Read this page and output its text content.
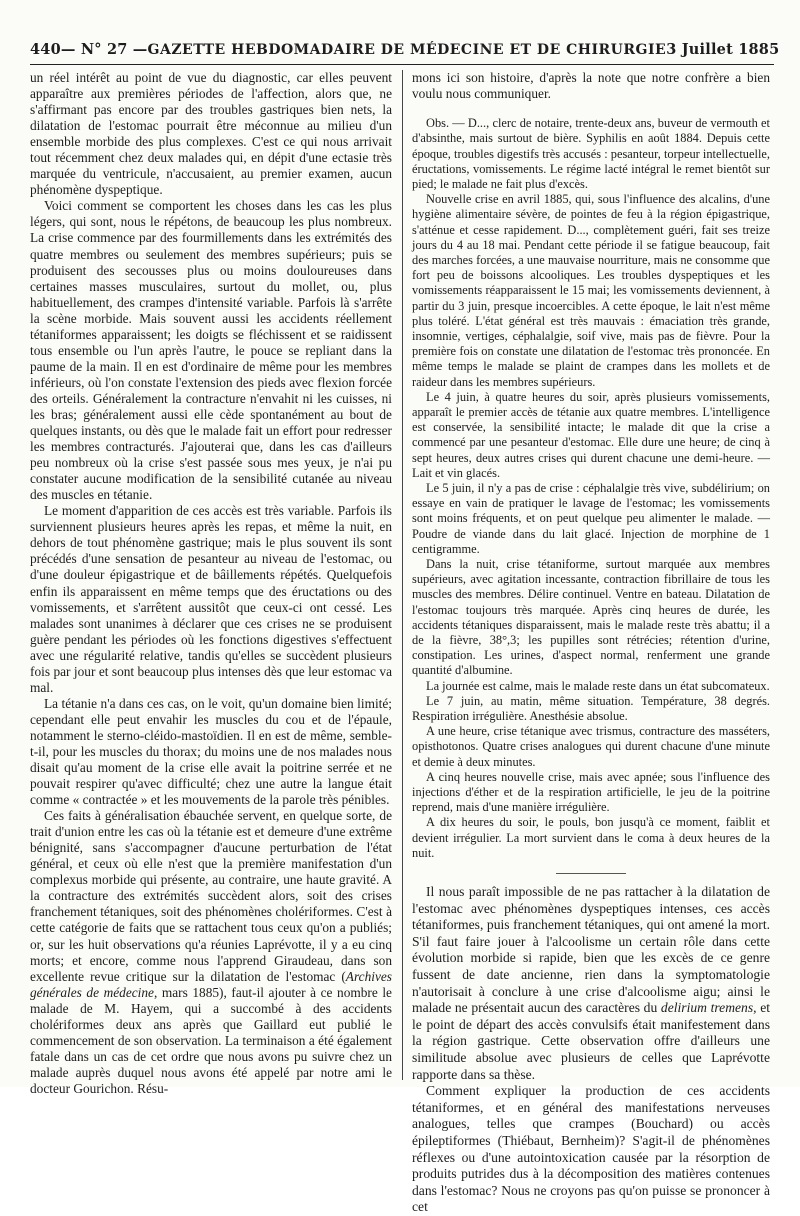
440 — N° 27 — GAZETTE HEBDOMADAIRE DE MÉDECINE ET DE CHIRURGIE 3 Juillet 1885

un réel intérêt au point de vue du diagnostic, car elles peuvent apparaître aux premières périodes de l'affection, alors que, ne s'affirmant pas encore par des troubles gastriques bien nets, la dilatation de l'estomac pourrait être méconnue au milieu d'un ensemble morbide des plus complexes. C'est ce qui nous arrivait tout récemment chez deux malades qui, en dépit d'une ectasie très marquée du ventricule, n'accusaient, au premier examen, aucun phénomène dyspeptique.

Voici comment se comportent les choses dans les cas les plus légers, qui sont, nous le répétons, de beaucoup les plus nombreux. La crise commence par des fourmillements dans les extrémités des quatre membres ou seulement des membres supérieurs; puis se produisent des secousses plus ou moins douloureuses dans certaines masses musculaires, surtout du mollet, ou, plus habituellement, des crampes d'intensité variable. Parfois là s'arrête la scène morbide. Mais souvent aussi les accidents réellement tétaniformes apparaissent; les doigts se fléchissent et se raidissent tous ensemble ou l'un après l'autre, le pouce se repliant dans la paume de la main. Il en est d'ordinaire de même pour les membres inférieurs, où l'on constate l'extension des pieds avec flexion forcée des orteils. Généralement la contracture n'envahit ni les cuisses, ni les bras; généralement aussi elle cède spontanément au bout de quelques instants, ou dès que le malade fait un effort pour redresser les membres contracturés. J'ajouterai que, dans les cas d'ailleurs peu nombreux où la crise s'est passée sous mes yeux, je n'ai pu constater aucune modification de la sensibilité cutanée au niveau des muscles en tétanie.

Le moment d'apparition de ces accès est très variable. Parfois ils surviennent plusieurs heures après les repas, et même la nuit, en dehors de tout phénomène gastrique; mais le plus souvent ils sont précédés d'une sensation de pesanteur au niveau de l'estomac, ou d'une douleur épigastrique et de bâillements répétés. Quelquefois enfin ils apparaissent en même temps que des éructations ou des vomissements, et s'arrêtent aussitôt que ceux-ci ont cessé. Les malades sont unanimes à déclarer que ces crises ne se produisent guère pendant les périodes où les fonctions digestives s'effectuent avec une régularité relative, tandis qu'elles se succèdent plusieurs fois par jour et sont beaucoup plus intenses dès que leur estomac va mal.

La tétanie n'a dans ces cas, on le voit, qu'un domaine bien limité; cependant elle peut envahir les muscles du cou et de l'épaule, notamment le sterno-cléido-mastoïdien. Il en est de même, semble-t-il, pour les muscles du thorax; du moins une de nos malades nous disait qu'au moment de la crise elle avait la poitrine serrée et ne pouvait respirer qu'avec difficulté; chez une autre la langue était comme « contractée » et les mouvements de la parole très pénibles.

Ces faits à généralisation ébauchée servent, en quelque sorte, de trait d'union entre les cas où la tétanie est et demeure d'une extrême bénignité, sans s'accompagner d'aucune perturbation de l'état général, et ceux où elle n'est que la première manifestation d'un complexus morbide qui présente, au contraire, une haute gravité. A la contracture des extrémités succèdent alors, soit des crises franchement tétaniques, soit des phénomènes cholériformes. C'est à cette catégorie de faits que se rattachent tous ceux qu'on a publiés; or, sur les huit observations qu'a réunies Laprévotte, il y a eu cinq morts; et encore, comme nous l'apprend Giraudeau, dans son excellente revue critique sur la dilatation de l'estomac (Archives générales de médecine, mars 1885), faut-il ajouter à ce nombre le malade de M. Hayem, qui a succombé à des accidents cholériformes deux ans après que Gaillard eut publié le commencement de son observation. La terminaison a été également fatale dans un cas de cet ordre que nous avons pu suivre chez un malade auprès duquel nous avons été appelé par notre ami le docteur Gourichon. Résu-

mons ici son histoire, d'après la note que notre confrère a bien voulu nous communiquer.

Obs. — D..., clerc de notaire, trente-deux ans, buveur de vermouth et d'absinthe, mais surtout de bière. Syphilis en août 1884. Depuis cette époque, troubles digestifs très accusés : pesanteur, torpeur intellectuelle, éructations, vomissements. Le régime lacté intégral le remet bientôt sur pied; le malade ne fait plus d'excès.

Nouvelle crise en avril 1885, qui, sous l'influence des alcalins, d'une hygiène alimentaire sévère, de pointes de feu à la région épigastrique, s'atténue et cesse rapidement. D..., complètement guéri, fait ses treize jours du 4 au 18 mai. Pendant cette période il se fatigue beaucoup, fait des marches forcées, a une mauvaise nourriture, mais ne consomme que fort peu de boissons alcooliques. Les troubles dyspeptiques et les vomissements réapparaissent le 15 mai; les vomissements deviennent, à partir du 3 juin, presque incoercibles. A cette époque, le lait n'est même plus toléré. L'état général est très mauvais : émaciation très grande, insomnie, vertiges, céphalalgie, soif vive, mais pas de fièvre. Pour la première fois on constate une dilatation de l'estomac très prononcée. En même temps le malade se plaint de crampes dans les mollets et de raideur dans les membres supérieurs.

Le 4 juin, à quatre heures du soir, après plusieurs vomissements, apparaît le premier accès de tétanie aux quatre membres. L'intelligence est conservée, la sensibilité intacte; le malade dit que la crise a commencé par une pesanteur d'estomac. Elle dure une heure; de cinq à sept heures, deux autres crises qui durent chacune une demi-heure. — Lait et vin glacés.

Le 5 juin, il n'y a pas de crise : céphalalgie très vive, subdélirium; on essaye en vain de pratiquer le lavage de l'estomac; les vomissements sont moins fréquents, et on peut quelque peu alimenter le malade. — Poudre de viande dans du lait glacé. Injection de morphine de 1 centigramme.

Dans la nuit, crise tétaniforme, surtout marquée aux membres supérieurs, avec agitation incessante, contraction fibrillaire de tous les muscles des membres. Délire continuel. Ventre en bateau. Dilatation de l'estomac toujours très marquée. Après cinq heures de durée, les accidents tétaniques disparaissent, mais le malade reste très abattu; il a de la fièvre, 38°,3; les pupilles sont rétrécies; rétention d'urine, constipation. Les urines, d'aspect normal, renferment une grande quantité d'albumine.

La journée est calme, mais le malade reste dans un état subcomateux.

Le 7 juin, au matin, même situation. Température, 38 degrés. Respiration irrégulière. Anesthésie absolue.

A une heure, crise tétanique avec trismus, contracture des masséters, opisthotonos. Quatre crises analogues qui durent chacune d'une minute et demie à deux minutes.

A cinq heures nouvelle crise, mais avec apnée; sous l'influence des injections d'éther et de la respiration artificielle, le jeu de la poitrine reprend, mais d'une manière irrégulière.

A dix heures du soir, le pouls, bon jusqu'à ce moment, faiblit et devient irrégulier. La mort survient dans le coma à deux heures de la nuit.

Il nous paraît impossible de ne pas rattacher à la dilatation de l'estomac avec phénomènes dyspeptiques intenses, ces accès tétaniformes, puis franchement tétaniques, qui ont amené la mort. S'il faut faire jouer à l'alcoolisme un certain rôle dans cette évolution morbide si rapide, bien que les excès de ce genre fussent de date ancienne, rien dans la symptomatologie n'autorisait à conclure à une crise d'alcoolisme aigu; ainsi le malade ne présentait aucun des caractères du delirium tremens, et le point de départ des accès convulsifs était manifestement dans la région gastrique. Cette observation offre d'ailleurs une similitude absolue avec plusieurs de celles que Laprévotte rapporte dans sa thèse.

Comment expliquer la production de ces accidents tétaniformes, et en général des manifestations nerveuses analogues, telles que crampes (Bouchard) ou accès épileptiformes (Thiébaut, Bernheim)? S'agit-il de phénomènes réflexes ou d'une autointoxication causée par la résorption de produits putrides dus à la décomposition des matières contenues dans l'estomac? Nous ne croyons pas qu'on puisse se prononcer à cet
